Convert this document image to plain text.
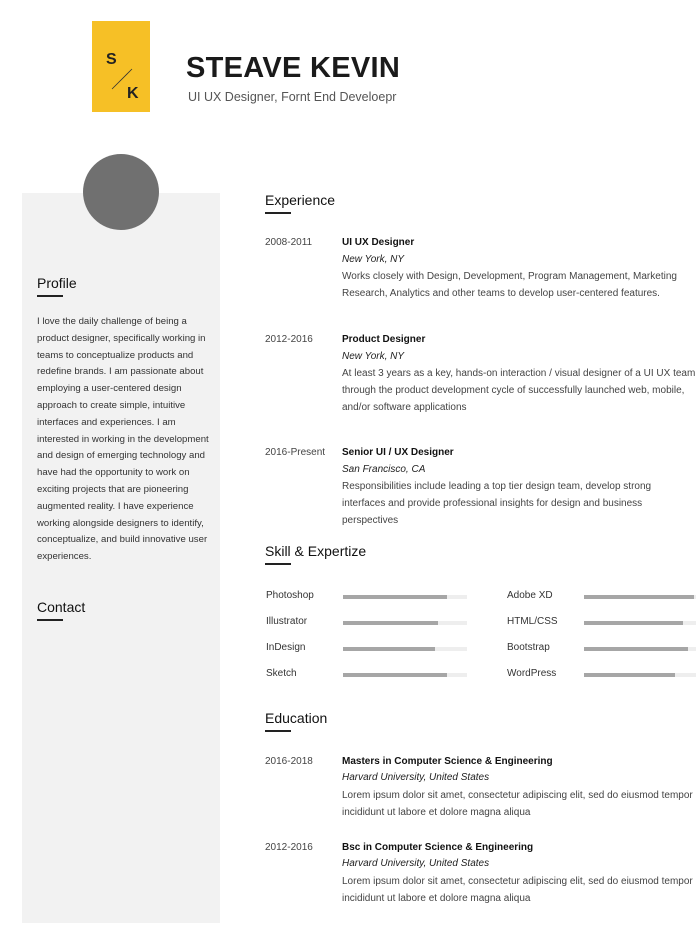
S
K
STEAVE KEVIN
UI UX Designer, Fornt End Develoepr
Profile
I love the daily challenge of being a product designer, specifically working in teams to conceptualize products and redefine brands. I am passionate about employing a user-centered design approach to create simple, intuitive interfaces and experiences. I am interested in working in the development and design of emerging technology and have had the opportunity to work on exciting projects that are pioneering augmented reality. I have experience working alongside designers to identify, conceptualize, and build innovative user experiences.
Contact
Experience
2008-2011	UI UX Designer
New York, NY
Works closely with Design, Development, Program Management, Marketing Research, Analytics and other teams to develop user-centered features.
2012-2016	Product Designer
New York, NY
At least 3 years as a key, hands-on interaction / visual designer of a UI UX team through the product development cycle of successfully launched web, mobile, and/or software applications
2016-Present Senior UI / UX Designer
San Francisco, CA
Responsibilities include leading a top tier design team, develop strong interfaces and provide professional insights for design and business perspectives
Skill & Expertize
Photoshop
Illustrator
InDesign
Sketch
Adobe XD
HTML/CSS
Bootstrap
WordPress
Education
2016-2018	Masters in Computer Science & Engineering
Harvard University, United States
Lorem ipsum dolor sit amet, consectetur adipiscing elit, sed do eiusmod tempor incididunt ut labore et dolore magna aliqua
2012-2016	Bsc in Computer Science & Engineering
Harvard University, United States
Lorem ipsum dolor sit amet, consectetur adipiscing elit, sed do eiusmod tempor incididunt ut labore et dolore magna aliqua
